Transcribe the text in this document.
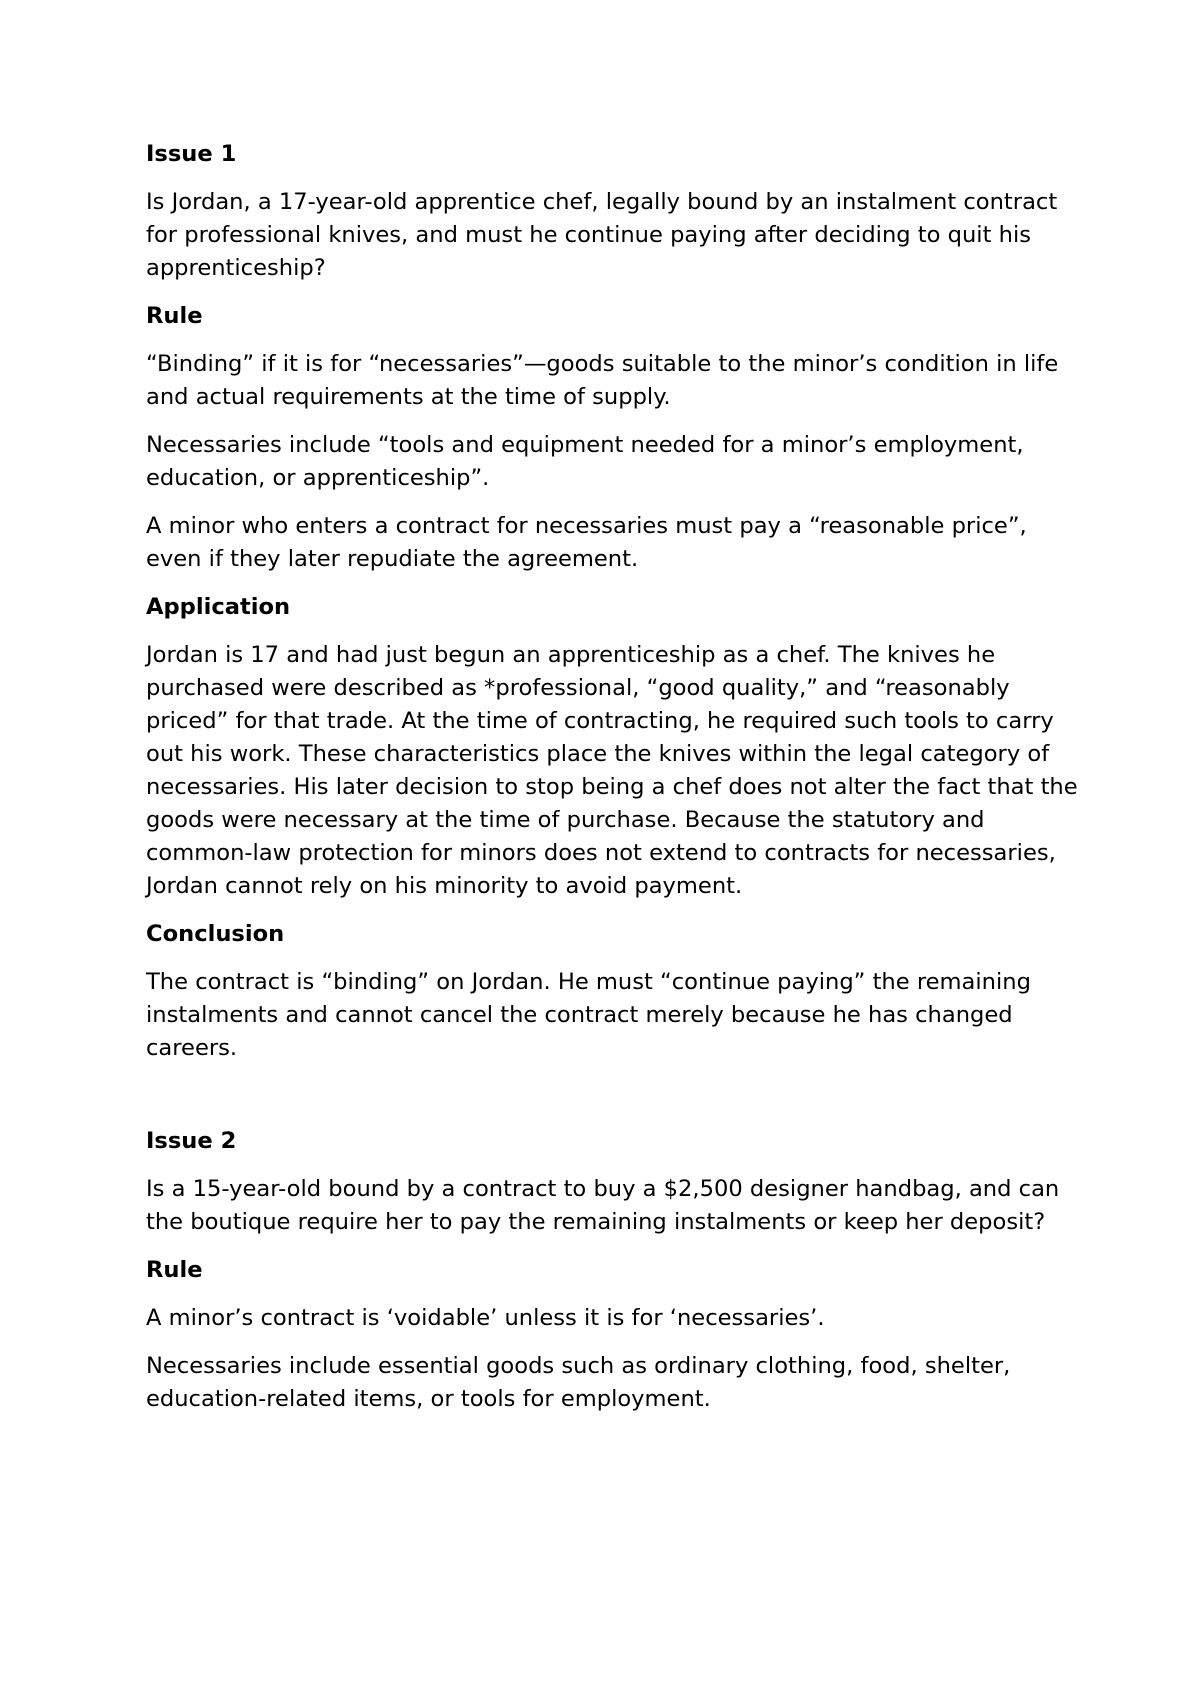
Issue 1
Is Jordan, a 17-year-old apprentice chef, legally bound by an instalment contract for professional knives, and must he continue paying after deciding to quit his apprenticeship?
Rule
“Binding” if it is for “necessaries”—goods suitable to the minor’s condition in life and actual requirements at the time of supply.
Necessaries include “tools and equipment needed for a minor’s employment, education, or apprenticeship”.
A minor who enters a contract for necessaries must pay a “reasonable price”, even if they later repudiate the agreement.
Application
Jordan is 17 and had just begun an apprenticeship as a chef. The knives he purchased were described as *professional, “good quality,” and “reasonably priced” for that trade. At the time of contracting, he required such tools to carry out his work. These characteristics place the knives within the legal category of necessaries. His later decision to stop being a chef does not alter the fact that the goods were necessary at the time of purchase. Because the statutory and common-law protection for minors does not extend to contracts for necessaries, Jordan cannot rely on his minority to avoid payment.
Conclusion
The contract is “binding” on Jordan. He must “continue paying” the remaining instalments and cannot cancel the contract merely because he has changed careers.
Issue 2
Is a 15-year-old bound by a contract to buy a $2,500 designer handbag, and can the boutique require her to pay the remaining instalments or keep her deposit?
Rule
A minor’s contract is ‘voidable’ unless it is for ‘necessaries’.
Necessaries include essential goods such as ordinary clothing, food, shelter, education-related items, or tools for employment.
